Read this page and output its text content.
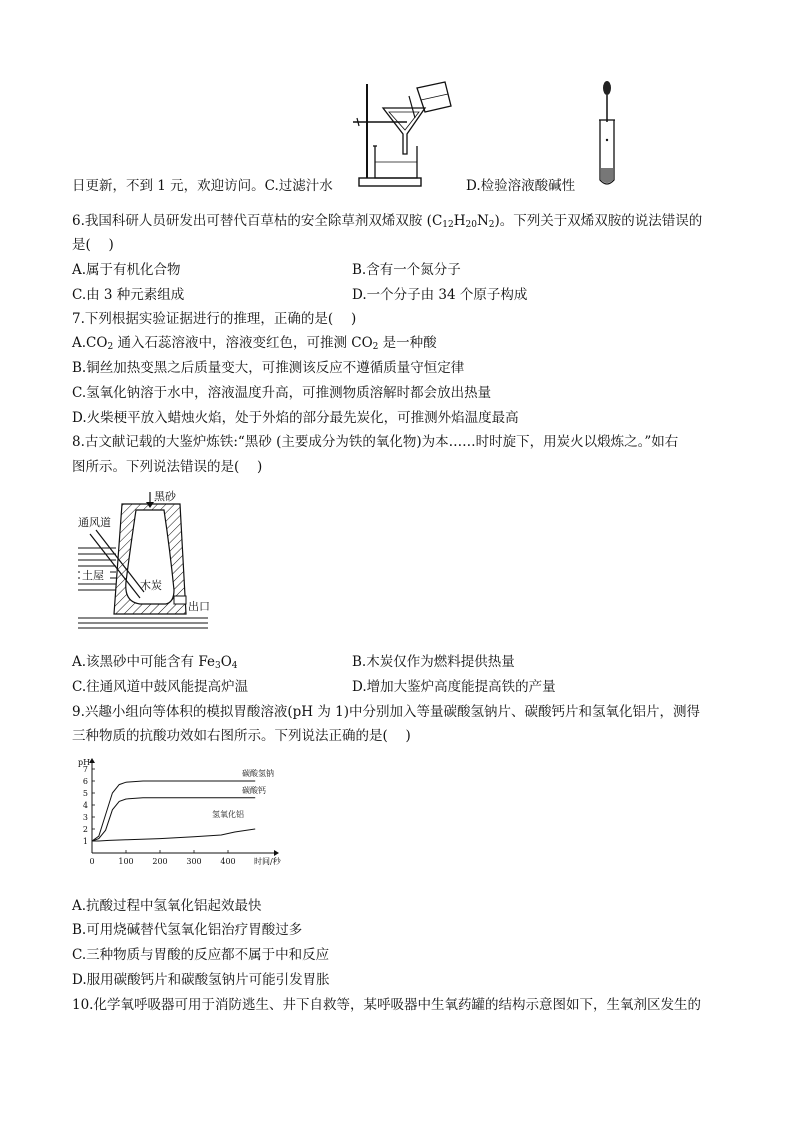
日更新，不到 1 元，欢迎访问。C.过滤汁水	D.检验溶液酸碱性
6.我国科研人员研发出可替代百草枯的安全除草剂双烯双胺 $(C_{12}H_{20}N_2)$。下列关于双烯双胺的说法错误的
是(　 )
A.属于有机化合物	B.含有一个氮分子
C.由 3 种元素组成	D.一个分子由 34 个原子构成
7.下列根据实验证据进行的推理，正确的是(　 )
$A.CO_2$ 通入石蕊溶液中，溶液变红色，可推测 $CO_2$ 是一种酸
B.铜丝加热变黑之后质量变大，可推测该反应不遵循质量守恒定律
C.氢氧化钠溶于水中，溶液温度升高，可推测物质溶解时都会放出热量
D.火柴梗平放入蜡烛火焰，处于外焰的部分最先炭化，可推测外焰温度最高
8.古文献记载的大鉴炉炼铁:“黑砂 (主要成分为铁的氧化物)为本……时时旋下，用炭火以煅炼之。”如右
图所示。下列说法错误的是(　 )
黑砂
通风道
土屋
木炭
出口
A.该黑砂中可能含有 $Fe_3O_4$	B.木炭仅作为燃料提供热量
C.往通风道中鼓风能提高炉温	D.增加大鉴炉高度能提高铁的产量
9.兴趣小组向等体积的模拟胃酸溶液(pH 为 1)中分别加入等量碳酸氢钠片、碳酸钙片和氢氧化铝片，测得
三种物质的抗酸功效如右图所示。下列说法正确的是(　 )
1
2
3
4
5
6
7
0	100 200 300 400
pH
时间/秒
碳酸氢钠
碳酸钙
氢氧化铝
A.抗酸过程中氢氧化铝起效最快
B.可用烧碱替代氢氧化铝治疗胃酸过多
C.三种物质与胃酸的反应都不属于中和反应
D.服用碳酸钙片和碳酸氢钠片可能引发胃胀
10.化学氧呼吸器可用于消防逃生、井下自救等，某呼吸器中生氧药罐的结构示意图如下，生氧剂区发生的
